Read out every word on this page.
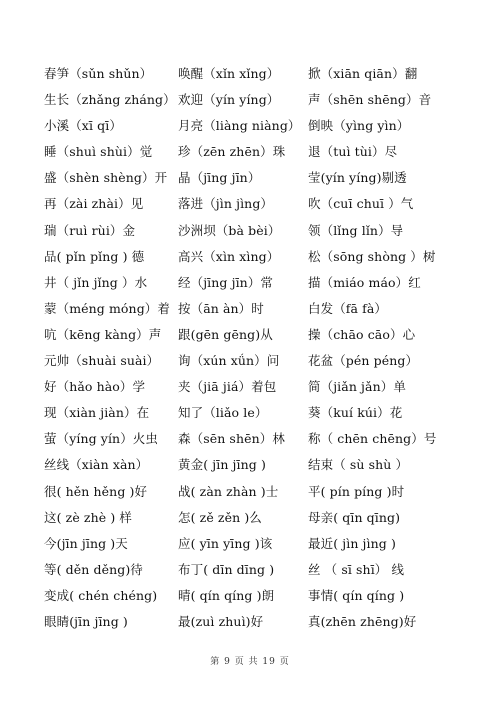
春笋（sǔn shǔn）	唤醒（xǐn xǐng）	掀（xiān qiān）翻
生长（zhǎng zháng） 欢迎（yín yíng）	声（shēn shēng）音
小溪（xī qī）	月亮（liàng niàng） 倒映（yìng yìn）
睡（shuì shùi）觉	珍（zēn zhēn）珠	退（tuì tùi）尽
盛（shèn shèng）开 晶（jīng jīn）	莹(yín yíng)剔透
再（zài zhài）见	落进（jìn jìng）	吹（cuī chuī ）气
瑞（ruì rùi）金	沙洲坝（bà bèi）	领（lǐng lǐn）导
品( pǐn pǐng ) 德	高兴（xìn xìng）	松（sōng shòng ）树
井（ jǐn jǐng ）水	经（jīng jīn）常	描（miáo máo）红
蒙（méng móng）着 按（ān àn）时	白发（fā fà）
吭（kēng kàng）声	跟(gēn gēng)从	操（chāo cāo）心
元帅（shuài suài）	询（xún xǘn）问	花盆（pén péng）
好（hǎo hào）学	夹（jiā jiá）着包	简（jiǎn jǎn）单
现（xiàn jiàn）在	知了（liǎo le）	葵（kuí kúi）花
萤（yíng yín）火虫	森（sēn shēn）林	称（ chēn chēng）号
丝线（xiàn xàn）	黄金( jīn jīng )	结束（ sù shù ）
很( hěn hěng )好	战( zàn zhàn )士	平( pín píng )时
这( zè zhè ) 样	怎( zě zěn )么	母亲( qīn qīng)
今(jīn jīng )天	应( yīn yīng )该	最近( jìn jìng )
等( děn děng)待	布丁( dīn dīng )	丝 （ sī shī） 线
变成( chén chéng)	晴( qín qíng )朗	事情( qín qíng )
眼睛(jīn jīng )	最(zuì zhuì)好	真(zhēn zhēng)好
第 9 页 共 19 页
